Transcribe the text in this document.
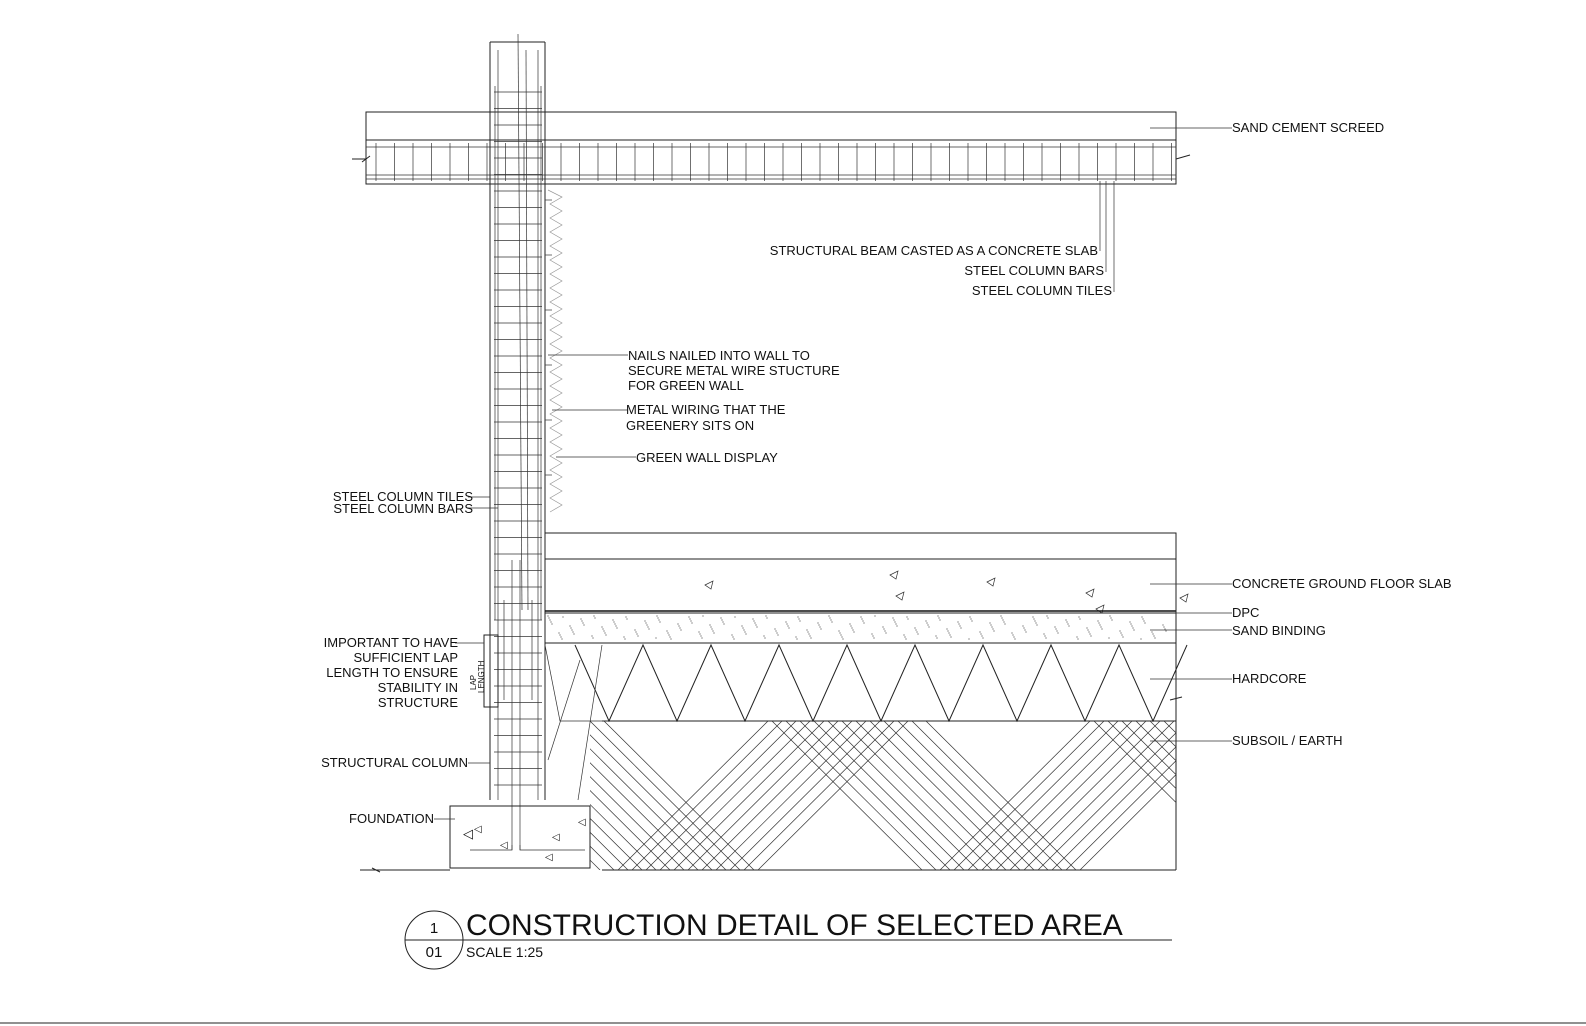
◁ ◁
◁
◁
◁
◁
LAP LENGTH
SAND CEMENT SCREED
STRUCTURAL BEAM CASTED AS A CONCRETE SLAB
STEEL COLUMN BARS
STEEL COLUMN TILES
NAILS NAILED INTO WALL TO
SECURE METAL WIRE STUCTURE
FOR GREEN WALL
METAL WIRING THAT THE
GREENERY SITS ON
GREEN WALL DISPLAY
STEEL COLUMN TILES
STEEL COLUMN BARS
CONCRETE GROUND FLOOR SLAB
DPC
SAND BINDING
HARDCORE
SUBSOIL / EARTH
IMPORTANT TO HAVE
SUFFICIENT LAP
LENGTH TO ENSURE
STABILITY IN
STRUCTURE
STRUCTURAL COLUMN
FOUNDATION
1
01
CONSTRUCTION DETAIL OF SELECTED AREA
SCALE 1:25
